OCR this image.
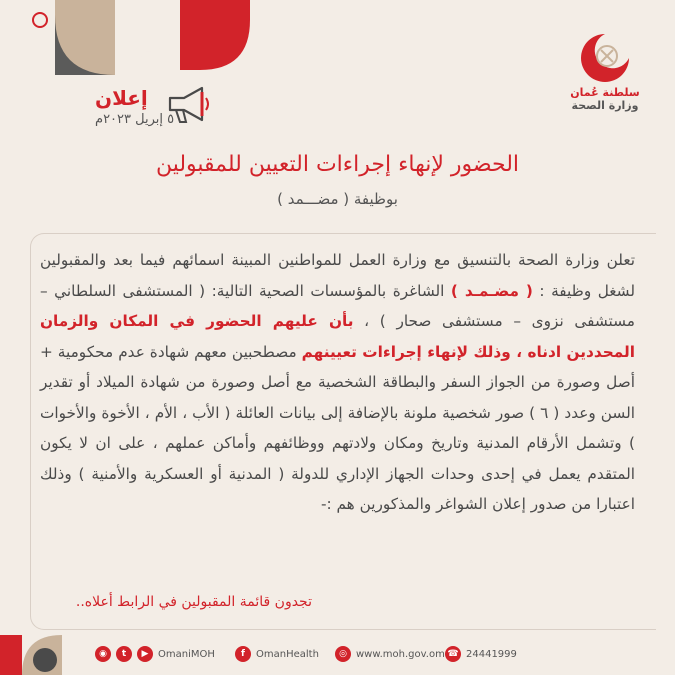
سلطنة عُمان
وزارة الصحة
إعلان
٥ إبريل ٢٠٢٣م
الحضور لإنهاء إجراءات التعيين للمقبولين
بوظيفة ( مضـــمد )

تعلن وزارة الصحة بالتنسيق مع وزارة العمل للمواطنين المبينة اسمائهم فيما بعد والمقبولين لشغل وظيفة : ( مضـمـد ) الشاغرة بالمؤسسات الصحية التالية: ( المستشفى السلطاني – مستشفى نزوى – مستشفى صحار ) ، بأن عليهم الحضور في المكان والزمان المحددين ادناه ، وذلك لإنهاء إجراءات تعيينهم مصطحبين معهم شهادة عدم محكومية + أصل وصورة من الجواز السفر والبطاقة الشخصية مع أصل وصورة من شهادة الميلاد أو تقدير السن وعدد ( ٦ ) صور شخصية ملونة بالإضافة إلى بيانات العائلة ( الأب ، الأم ، الأخوة والأخوات ) وتشمل الأرقام المدنية وتاريخ ومكان ولادتهم ووظائفهم وأماكن عملهم ، على ان لا يكون المتقدم يعمل في إحدى وحدات الجهاز الإداري للدولة ( المدنية أو العسكرية والأمنية ) وذلك اعتبارا من صدور إعلان الشواغر والمذكورين هم :-

تجدون قائمة المقبولين في الرابط أعلاه..
☎ 24441999
◎ www.moh.gov.om
f	OmanHealth
◉	t	▶ OmaniMOH
